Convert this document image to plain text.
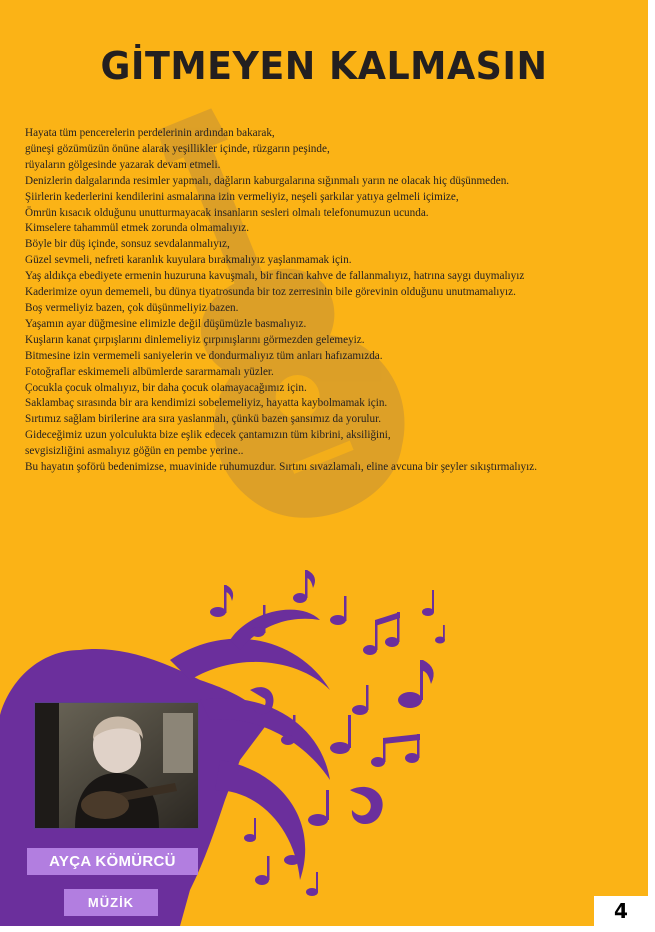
GİTMEYEN KALMASIN
Hayata tüm pencerelerin perdelerinin ardından bakarak,
güneşi gözümüzün önüne alarak yeşillikler içinde, rüzgarın peşinde,
rüyaların gölgesinde yazarak devam etmeli.
Denizlerin dalgalarında resimler yapmalı, dağların kaburgalarına sığınmalı yarın ne olacak hiç düşünmeden.
Şiirlerin kederlerini kendilerini asmalarına izin vermeliyiz, neşeli şarkılar yatıya gelmeli içimize,
Ömrün kısacık olduğunu unutturmayacak insanların sesleri olmalı telefonumuzun ucunda.
Kimselere tahammül etmek zorunda olmamalıyız.
Böyle bir düş içinde, sonsuz sevdalanmalıyız,
Güzel sevmeli, nefreti karanlık kuyulara bırakmalıyız yaşlanmamak için.
Yaş aldıkça ebediyete ermenin huzuruna kavuşmalı, bir fincan kahve de fallanmalıyız, hatrına saygı duymalıyız
Kaderimize oyun dememeli, bu dünya tiyatrosunda bir toz zerresinin bile görevinin olduğunu unutmamalıyız.
Boş vermeliyiz bazen, çok düşünmeliyiz bazen.
Yaşamın ayar düğmesine elimizle değil düşümüzle basmalıyız.
Kuşların kanat çırpışlarını dinlemeliyiz çırpınışlarını görmezden gelemeyiz.
Bitmesine izin vermemeli saniyelerin ve dondurmalıyız tüm anları hafızamızda.
Fotoğraflar eskimemeli albümlerde sararmamalı yüzler.
Çocukla çocuk olmalıyız, bir daha çocuk olamayacağımız için.
Saklambaç sırasında bir ara kendimizi sobelemeliyiz, hayatta kaybolmamak için.
Sırtımız sağlam birilerine ara sıra yaslanmalı, çünkü bazen şansımız da yorulur.
Gideceğimiz uzun yolculukta bize eşlik edecek çantamızın tüm kibrini, aksiliğini,
sevgisizliğini asmalıyız göğün en pembe yerine..
Bu hayatın şoförü bedenimizse, muavinide ruhumuzdur. Sırtını sıvazlamalı, eline avcuna bir şeyler sıkıştırmalıyız.
AYÇA KÖMÜRCÜ
MÜZİK	4
